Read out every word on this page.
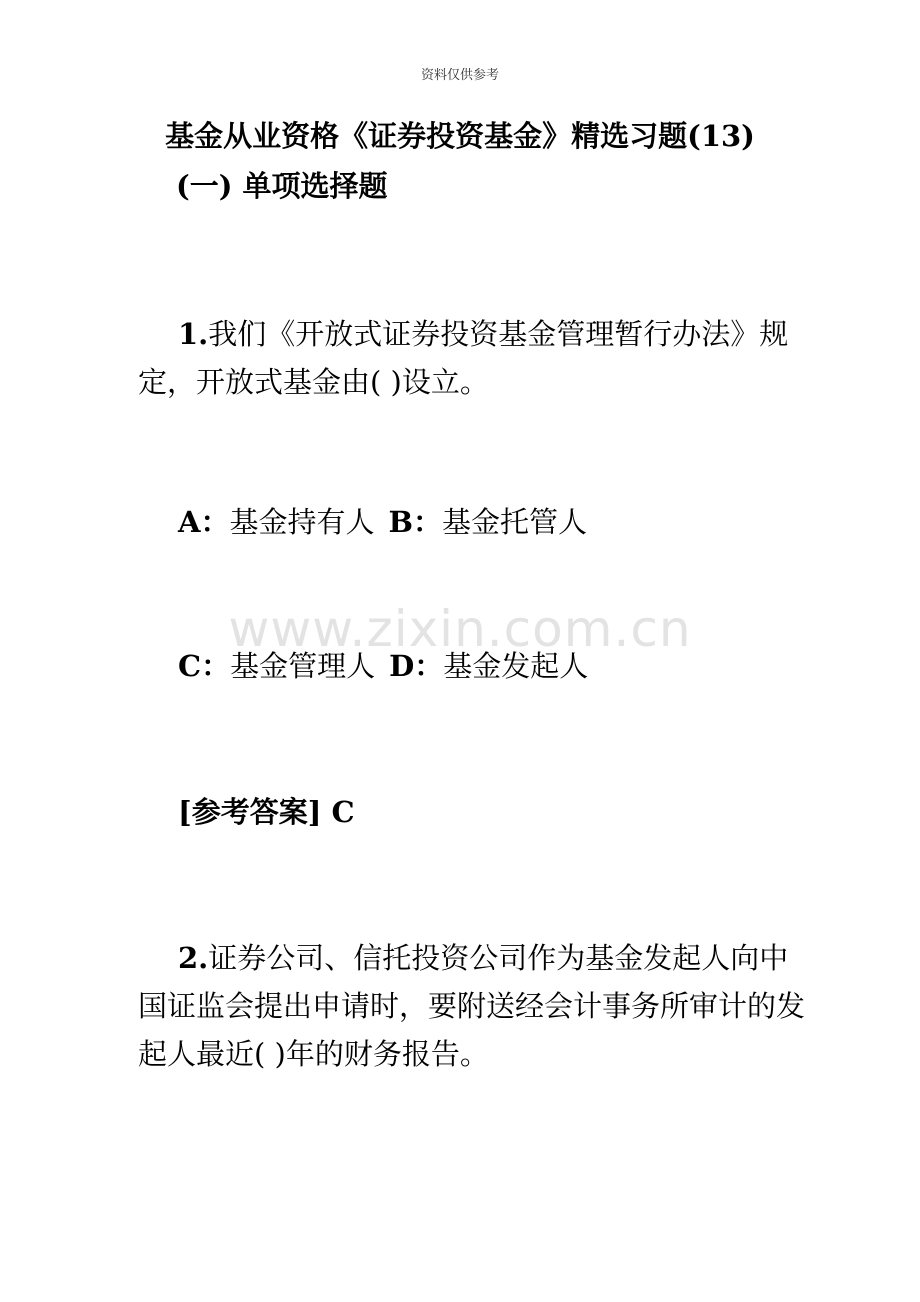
资料仅供参考
基金从业资格《证券投资基金》精选习题(13)
(一) 单项选择题
1.我们《开放式证券投资基金管理暂行办法》规定，开放式基金由( )设立。
A：基金持有人 B：基金托管人
www.zixin.com.cn
C：基金管理人 D：基金发起人
[参考答案] C
2.证券公司、信托投资公司作为基金发起人向中国证监会提出申请时，要附送经会计事务所审计的发起人最近( )年的财务报告。
